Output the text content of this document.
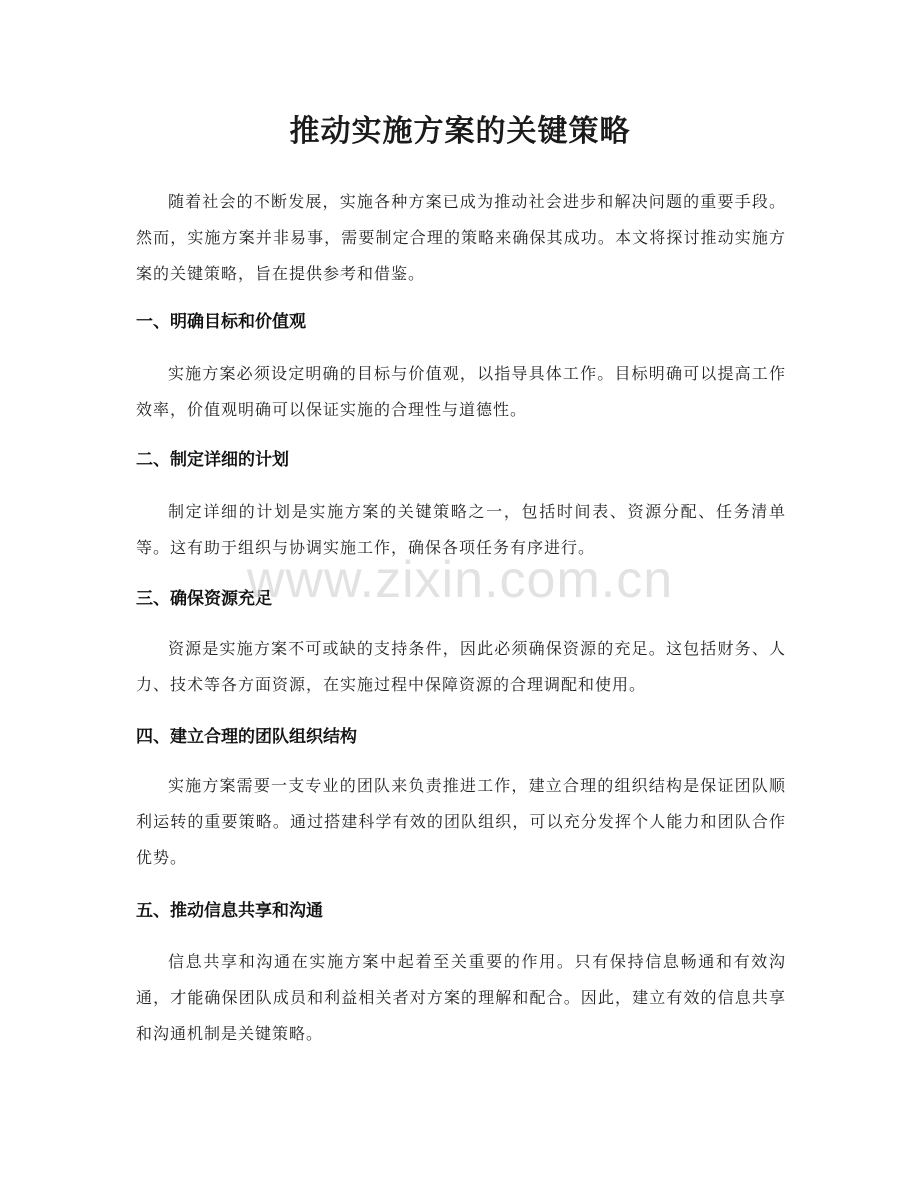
推动实施方案的关键策略

随着社会的不断发展，实施各种方案已成为推动社会进步和解决问题的重要手段。然而，实施方案并非易事，需要制定合理的策略来确保其成功。本文将探讨推动实施方案的关键策略，旨在提供参考和借鉴。

一、明确目标和价值观

实施方案必须设定明确的目标与价值观，以指导具体工作。目标明确可以提高工作效率，价值观明确可以保证实施的合理性与道德性。

二、制定详细的计划

制定详细的计划是实施方案的关键策略之一，包括时间表、资源分配、任务清单等。这有助于组织与协调实施工作，确保各项任务有序进行。

三、确保资源充足

资源是实施方案不可或缺的支持条件，因此必须确保资源的充足。这包括财务、人力、技术等各方面资源，在实施过程中保障资源的合理调配和使用。

四、建立合理的团队组织结构

实施方案需要一支专业的团队来负责推进工作，建立合理的组织结构是保证团队顺利运转的重要策略。通过搭建科学有效的团队组织，可以充分发挥个人能力和团队合作优势。

五、推动信息共享和沟通

信息共享和沟通在实施方案中起着至关重要的作用。只有保持信息畅通和有效沟通，才能确保团队成员和利益相关者对方案的理解和配合。因此，建立有效的信息共享和沟通机制是关键策略。

www.zixin.com.cn
